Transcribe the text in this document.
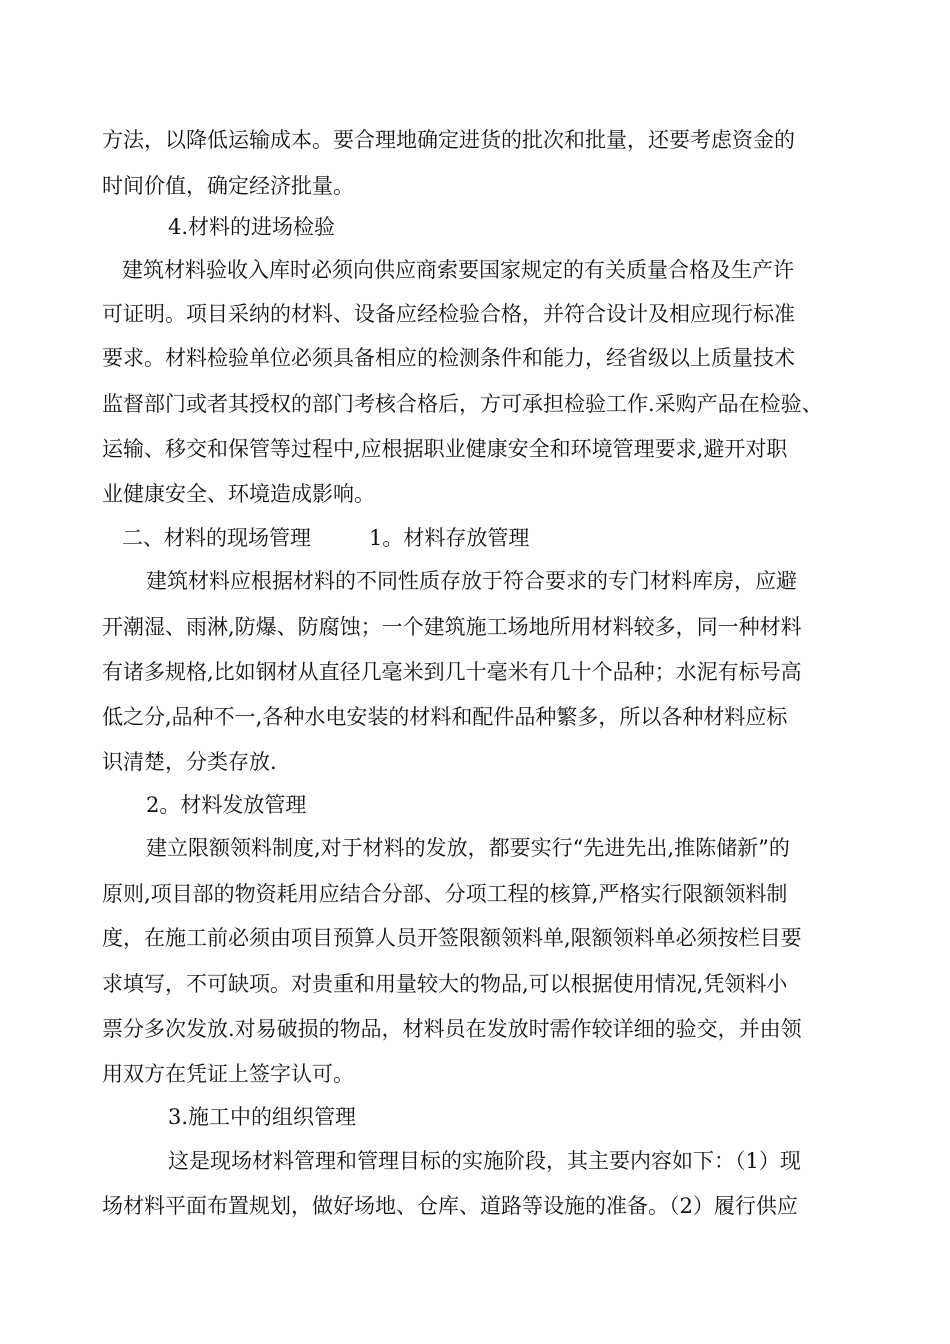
方法，以降低运输成本。要合理地确定进货的批次和批量，还要考虑资金的
时间价值，确定经济批量。
4.材料的进场检验
建筑材料验收入库时必须向供应商索要国家规定的有关质量合格及生产许
可证明。项目采纳的材料、设备应经检验合格，并符合设计及相应现行标准
要求。材料检验单位必须具备相应的检测条件和能力，经省级以上质量技术
监督部门或者其授权的部门考核合格后，方可承担检验工作.采购产品在检验、
运输、移交和保管等过程中,应根据职业健康安全和环境管理要求,避开对职
业健康安全、环境造成影响。
二、材料的现场管理	1。材料存放管理
建筑材料应根据材料的不同性质存放于符合要求的专门材料库房，应避
开潮湿、雨淋,防爆、防腐蚀；一个建筑施工场地所用材料较多，同一种材料
有诸多规格,比如钢材从直径几毫米到几十毫米有几十个品种；水泥有标号高
低之分,品种不一,各种水电安装的材料和配件品种繁多，所以各种材料应标
识清楚，分类存放.
2。材料发放管理
建立限额领料制度,对于材料的发放，都要实行“先进先出,推陈储新”的
原则,项目部的物资耗用应结合分部、分项工程的核算,严格实行限额领料制
度，在施工前必须由项目预算人员开签限额领料单,限额领料单必须按栏目要
求填写，不可缺项。对贵重和用量较大的物品,可以根据使用情况,凭领料小
票分多次发放.对易破损的物品，材料员在发放时需作较详细的验交，并由领
用双方在凭证上签字认可。
3.施工中的组织管理
这是现场材料管理和管理目标的实施阶段，其主要内容如下：（1）现
场材料平面布置规划，做好场地、仓库、道路等设施的准备。（2）履行供应
